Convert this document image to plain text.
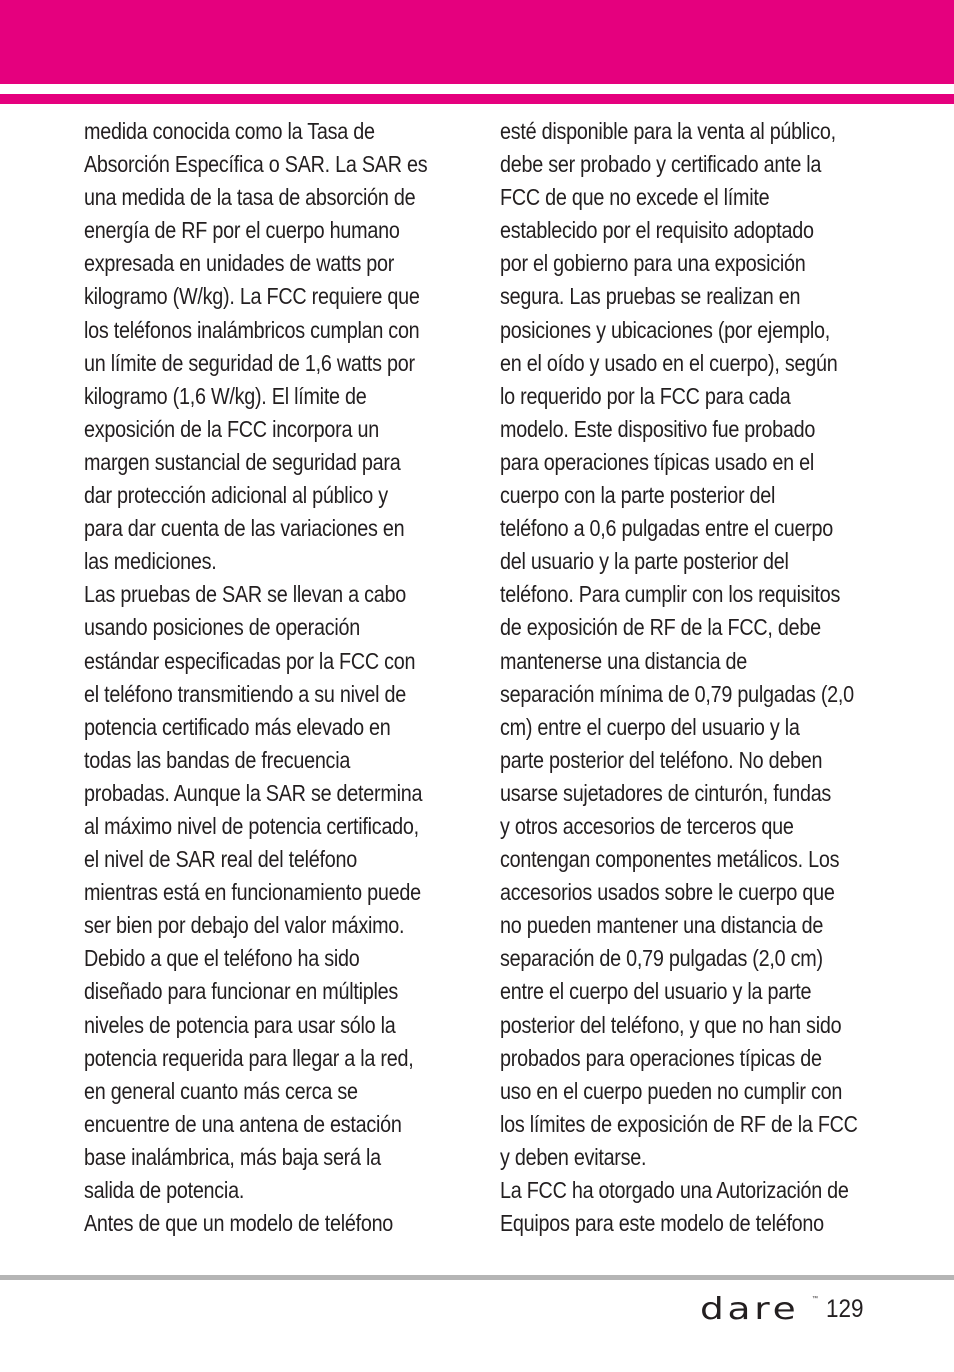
medida conocida como la Tasa de
Absorción Específica o SAR. La SAR es
una medida de la tasa de absorción de
energía de RF por el cuerpo humano
expresada en unidades de watts por
kilogramo (W/kg). La FCC requiere que
los teléfonos inalámbricos cumplan con
un límite de seguridad de 1,6 watts por
kilogramo (1,6 W/kg). El límite de
exposición de la FCC incorpora un
margen sustancial de seguridad para
dar protección adicional al público y
para dar cuenta de las variaciones en
las mediciones.
Las pruebas de SAR se llevan a cabo
usando posiciones de operación
estándar especificadas por la FCC con
el teléfono transmitiendo a su nivel de
potencia certificado más elevado en
todas las bandas de frecuencia
probadas. Aunque la SAR se determina
al máximo nivel de potencia certificado,
el nivel de SAR real del teléfono
mientras está en funcionamiento puede
ser bien por debajo del valor máximo.
Debido a que el teléfono ha sido
diseñado para funcionar en múltiples
niveles de potencia para usar sólo la
potencia requerida para llegar a la red,
en general cuanto más cerca se
encuentre de una antena de estación
base inalámbrica, más baja será la
salida de potencia.
Antes de que un modelo de teléfono
esté disponible para la venta al público,
debe ser probado y certificado ante la
FCC de que no excede el límite
establecido por el requisito adoptado
por el gobierno para una exposición
segura. Las pruebas se realizan en
posiciones y ubicaciones (por ejemplo,
en el oído y usado en el cuerpo), según
lo requerido por la FCC para cada
modelo. Este dispositivo fue probado
para operaciones típicas usado en el
cuerpo con la parte posterior del
teléfono a 0,6 pulgadas entre el cuerpo
del usuario y la parte posterior del
teléfono. Para cumplir con los requisitos
de exposición de RF de la FCC, debe
mantenerse una distancia de
separación mínima de 0,79 pulgadas (2,0
cm) entre el cuerpo del usuario y la
parte posterior del teléfono. No deben
usarse sujetadores de cinturón, fundas
y otros accesorios de terceros que
contengan componentes metálicos. Los
accesorios usados sobre le cuerpo que
no pueden mantener una distancia de
separación de 0,79 pulgadas (2,0 cm)
entre el cuerpo del usuario y la parte
posterior del teléfono, y que no han sido
probados para operaciones típicas de
uso en el cuerpo pueden no cumplir con
los límites de exposición de RF de la FCC
y deben evitarse.
La FCC ha otorgado una Autorización de
Equipos para este modelo de teléfono
dare ™ 129
